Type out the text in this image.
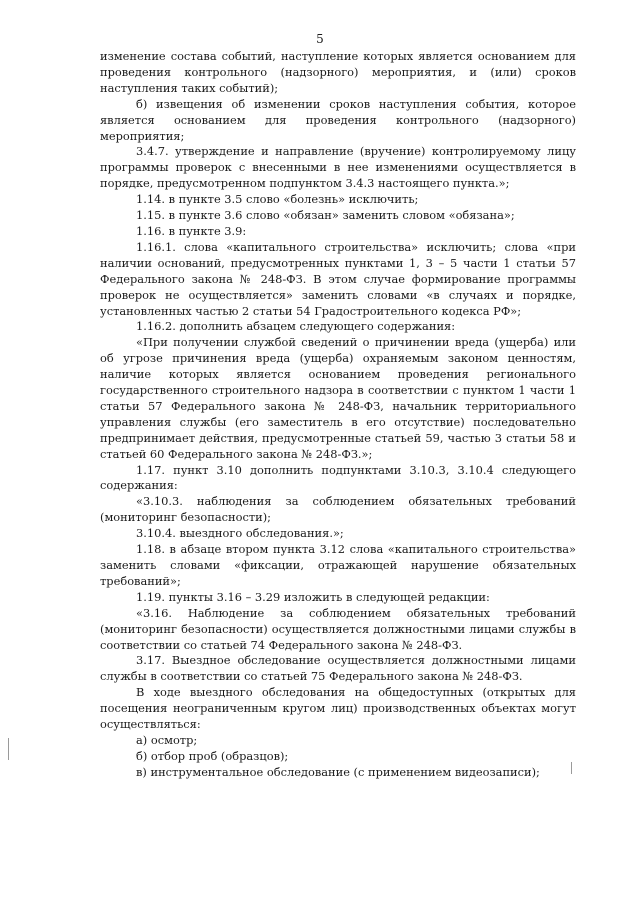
5

изменение состава событий, наступление которых является основанием для проведения контрольного (надзорного) мероприятия, и (или) сроков наступления таких событий);

б) извещения об изменении сроков наступления события, которое является основанием для проведения контрольного (надзорного) мероприятия;

3.4.7. утверждение и направление (вручение) контролируемому лицу программы проверок с внесенными в нее изменениями осуществляется в порядке, предусмотренном подпунктом 3.4.3 настоящего пункта.»;

1.14. в пункте 3.5 слово «болезнь» исключить;

1.15. в пункте 3.6 слово «обязан» заменить словом «обязана»;

1.16. в пункте 3.9:

1.16.1. слова «капитального строительства» исключить; слова «при наличии оснований, предусмотренных пунктами 1, 3 – 5 части 1 статьи 57 Федерального закона № 248-ФЗ. В этом случае формирование программы проверок не осуществляется» заменить словами «в случаях и порядке, установленных частью 2 статьи 54 Градостроительного кодекса РФ»;

1.16.2. дополнить абзацем следующего содержания:

«При получении службой сведений о причинении вреда (ущерба) или об угрозе причинения вреда (ущерба) охраняемым законом ценностям, наличие которых является основанием проведения регионального государственного строительного надзора в соответствии с пунктом 1 части 1 статьи 57 Федерального закона № 248-ФЗ, начальник территориального управления службы (его заместитель в его отсутствие) последовательно предпринимает действия, предусмотренные статьей 59, частью 3 статьи 58 и статьей 60 Федерального закона № 248-ФЗ.»;

1.17. пункт 3.10 дополнить подпунктами 3.10.3, 3.10.4 следующего содержания:

«3.10.3. наблюдения за соблюдением обязательных требований (мониторинг безопасности);

3.10.4. выездного обследования.»;

1.18. в абзаце втором пункта 3.12 слова «капитального строительства» заменить словами «фиксации, отражающей нарушение обязательных требований»;

1.19. пункты 3.16 – 3.29 изложить в следующей редакции:

«3.16. Наблюдение за соблюдением обязательных требований (мониторинг безопасности) осуществляется должностными лицами службы в соответствии со статьей 74 Федерального закона № 248-ФЗ.

3.17. Выездное обследование осуществляется должностными лицами службы в соответствии со статьей 75 Федерального закона № 248-ФЗ.

В ходе выездного обследования на общедоступных (открытых для посещения неограниченным кругом лиц) производственных объектах могут осуществляться:

а) осмотр;

б) отбор проб (образцов);

в) инструментальное обследование (с применением видеозаписи);
